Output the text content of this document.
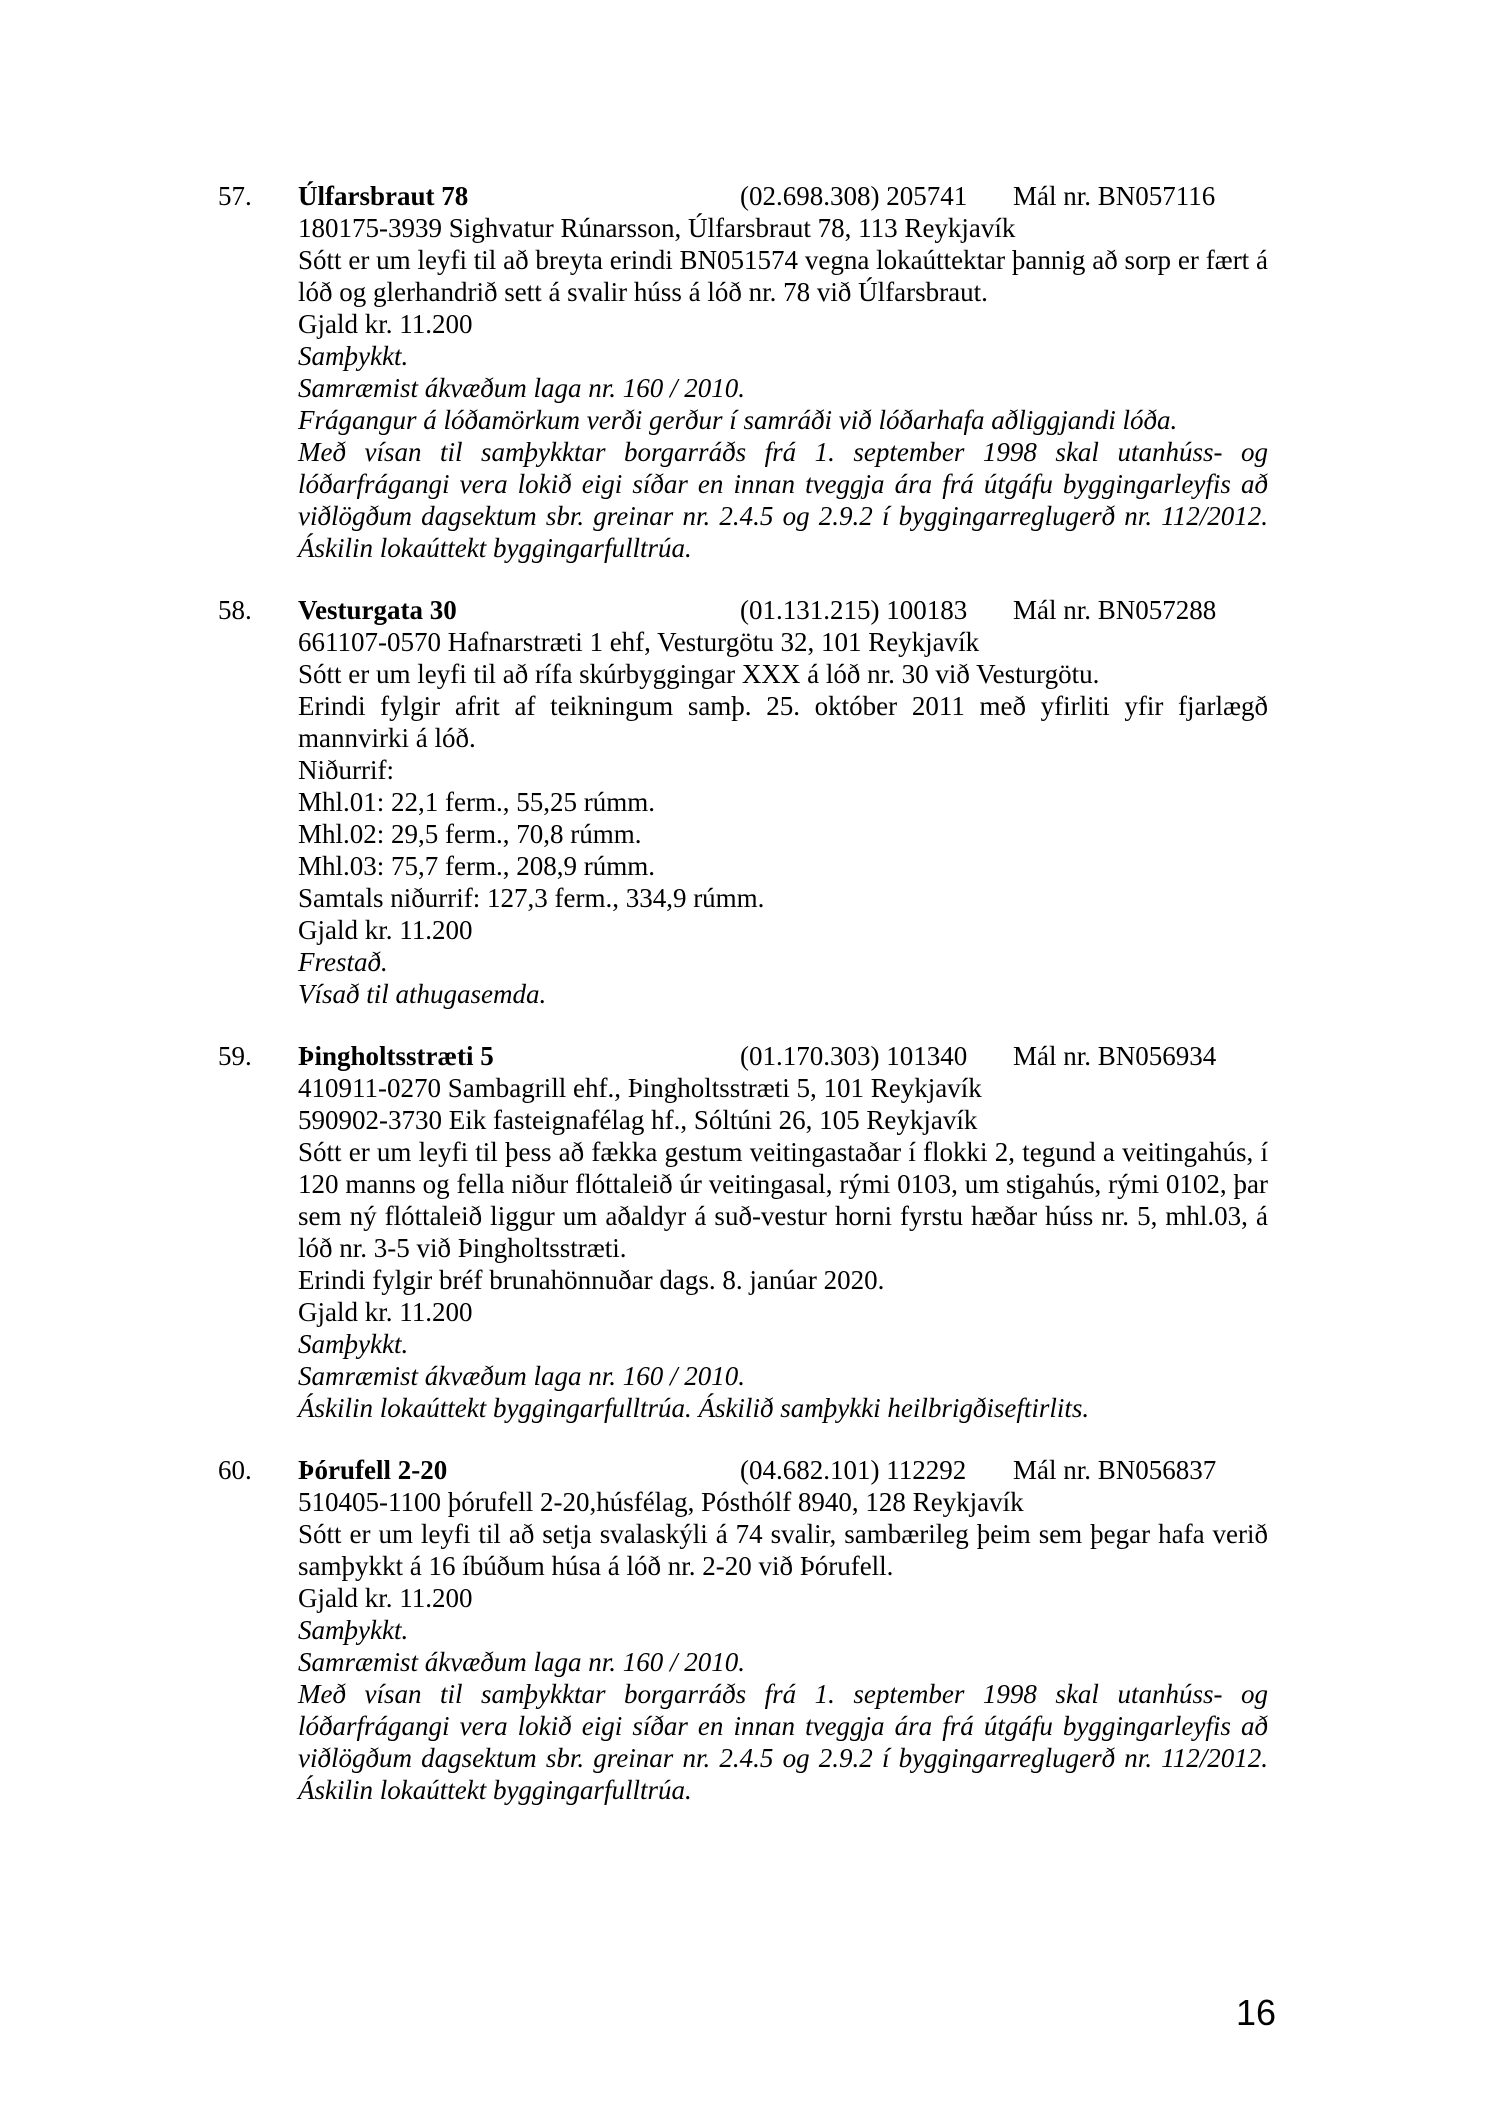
57.	Úlfarsbraut 78	(02.698.308) 205741 Mál nr. BN057116

180175-3939 Sighvatur Rúnarsson, Úlfarsbraut 78, 113 Reykjavík

Sótt er um leyfi til að breyta erindi BN051574 vegna lokaúttektar þannig að sorp er fært á lóð og glerhandrið sett á svalir húss á lóð nr. 78 við Úlfarsbraut.

Gjald kr. 11.200

Samþykkt.

Samræmist ákvæðum laga nr. 160 / 2010.

Frágangur á lóðamörkum verði gerður í samráði við lóðarhafa aðliggjandi lóða.

Með vísan til samþykktar borgarráðs frá 1. september 1998 skal utanhúss- og lóðarfrágangi vera lokið eigi síðar en innan tveggja ára frá útgáfu byggingarleyfis að viðlögðum dagsektum sbr. greinar nr. 2.4.5 og 2.9.2 í byggingarreglugerð nr. 112/2012. Áskilin lokaúttekt byggingarfulltrúa.

58.	Vesturgata 30	(01.131.215) 100183 Mál nr. BN057288

661107-0570 Hafnarstræti 1 ehf, Vesturgötu 32, 101 Reykjavík

Sótt er um leyfi til að rífa skúrbyggingar XXX á lóð nr. 30 við Vesturgötu.

Erindi fylgir afrit af teikningum samþ. 25. október 2011 með yfirliti yfir fjarlægð mannvirki á lóð.

Niðurrif:

Mhl.01: 22,1 ferm., 55,25 rúmm.

Mhl.02: 29,5 ferm., 70,8 rúmm.

Mhl.03: 75,7 ferm., 208,9 rúmm.

Samtals niðurrif: 127,3 ferm., 334,9 rúmm.

Gjald kr. 11.200

Frestað.

Vísað til athugasemda.

59.	Þingholtsstræti 5	(01.170.303) 101340 Mál nr. BN056934

410911-0270 Sambagrill ehf., Þingholtsstræti 5, 101 Reykjavík

590902-3730 Eik fasteignafélag hf., Sóltúni 26, 105 Reykjavík

Sótt er um leyfi til þess að fækka gestum veitingastaðar í flokki 2, tegund a veitingahús, í 120 manns og fella niður flóttaleið úr veitingasal, rými 0103, um stigahús, rými 0102, þar sem ný flóttaleið liggur um aðaldyr á suð-vestur horni fyrstu hæðar húss nr. 5, mhl.03, á lóð nr. 3-5 við Þingholtsstræti.

Erindi fylgir bréf brunahönnuðar dags. 8. janúar 2020.

Gjald kr. 11.200

Samþykkt.

Samræmist ákvæðum laga nr. 160 / 2010.

Áskilin lokaúttekt byggingarfulltrúa. Áskilið samþykki heilbrigðiseftirlits.

60.	Þórufell 2-20	(04.682.101) 112292 Mál nr. BN056837

510405-1100 þórufell 2-20,húsfélag, Pósthólf 8940, 128 Reykjavík

Sótt er um leyfi til að setja svalaskýli á 74 svalir, sambærileg þeim sem þegar hafa verið samþykkt á 16 íbúðum húsa á lóð nr. 2-20 við Þórufell.

Gjald kr. 11.200

Samþykkt.

Samræmist ákvæðum laga nr. 160 / 2010.

Með vísan til samþykktar borgarráðs frá 1. september 1998 skal utanhúss- og lóðarfrágangi vera lokið eigi síðar en innan tveggja ára frá útgáfu byggingarleyfis að viðlögðum dagsektum sbr. greinar nr. 2.4.5 og 2.9.2 í byggingarreglugerð nr. 112/2012. Áskilin lokaúttekt byggingarfulltrúa.

16
